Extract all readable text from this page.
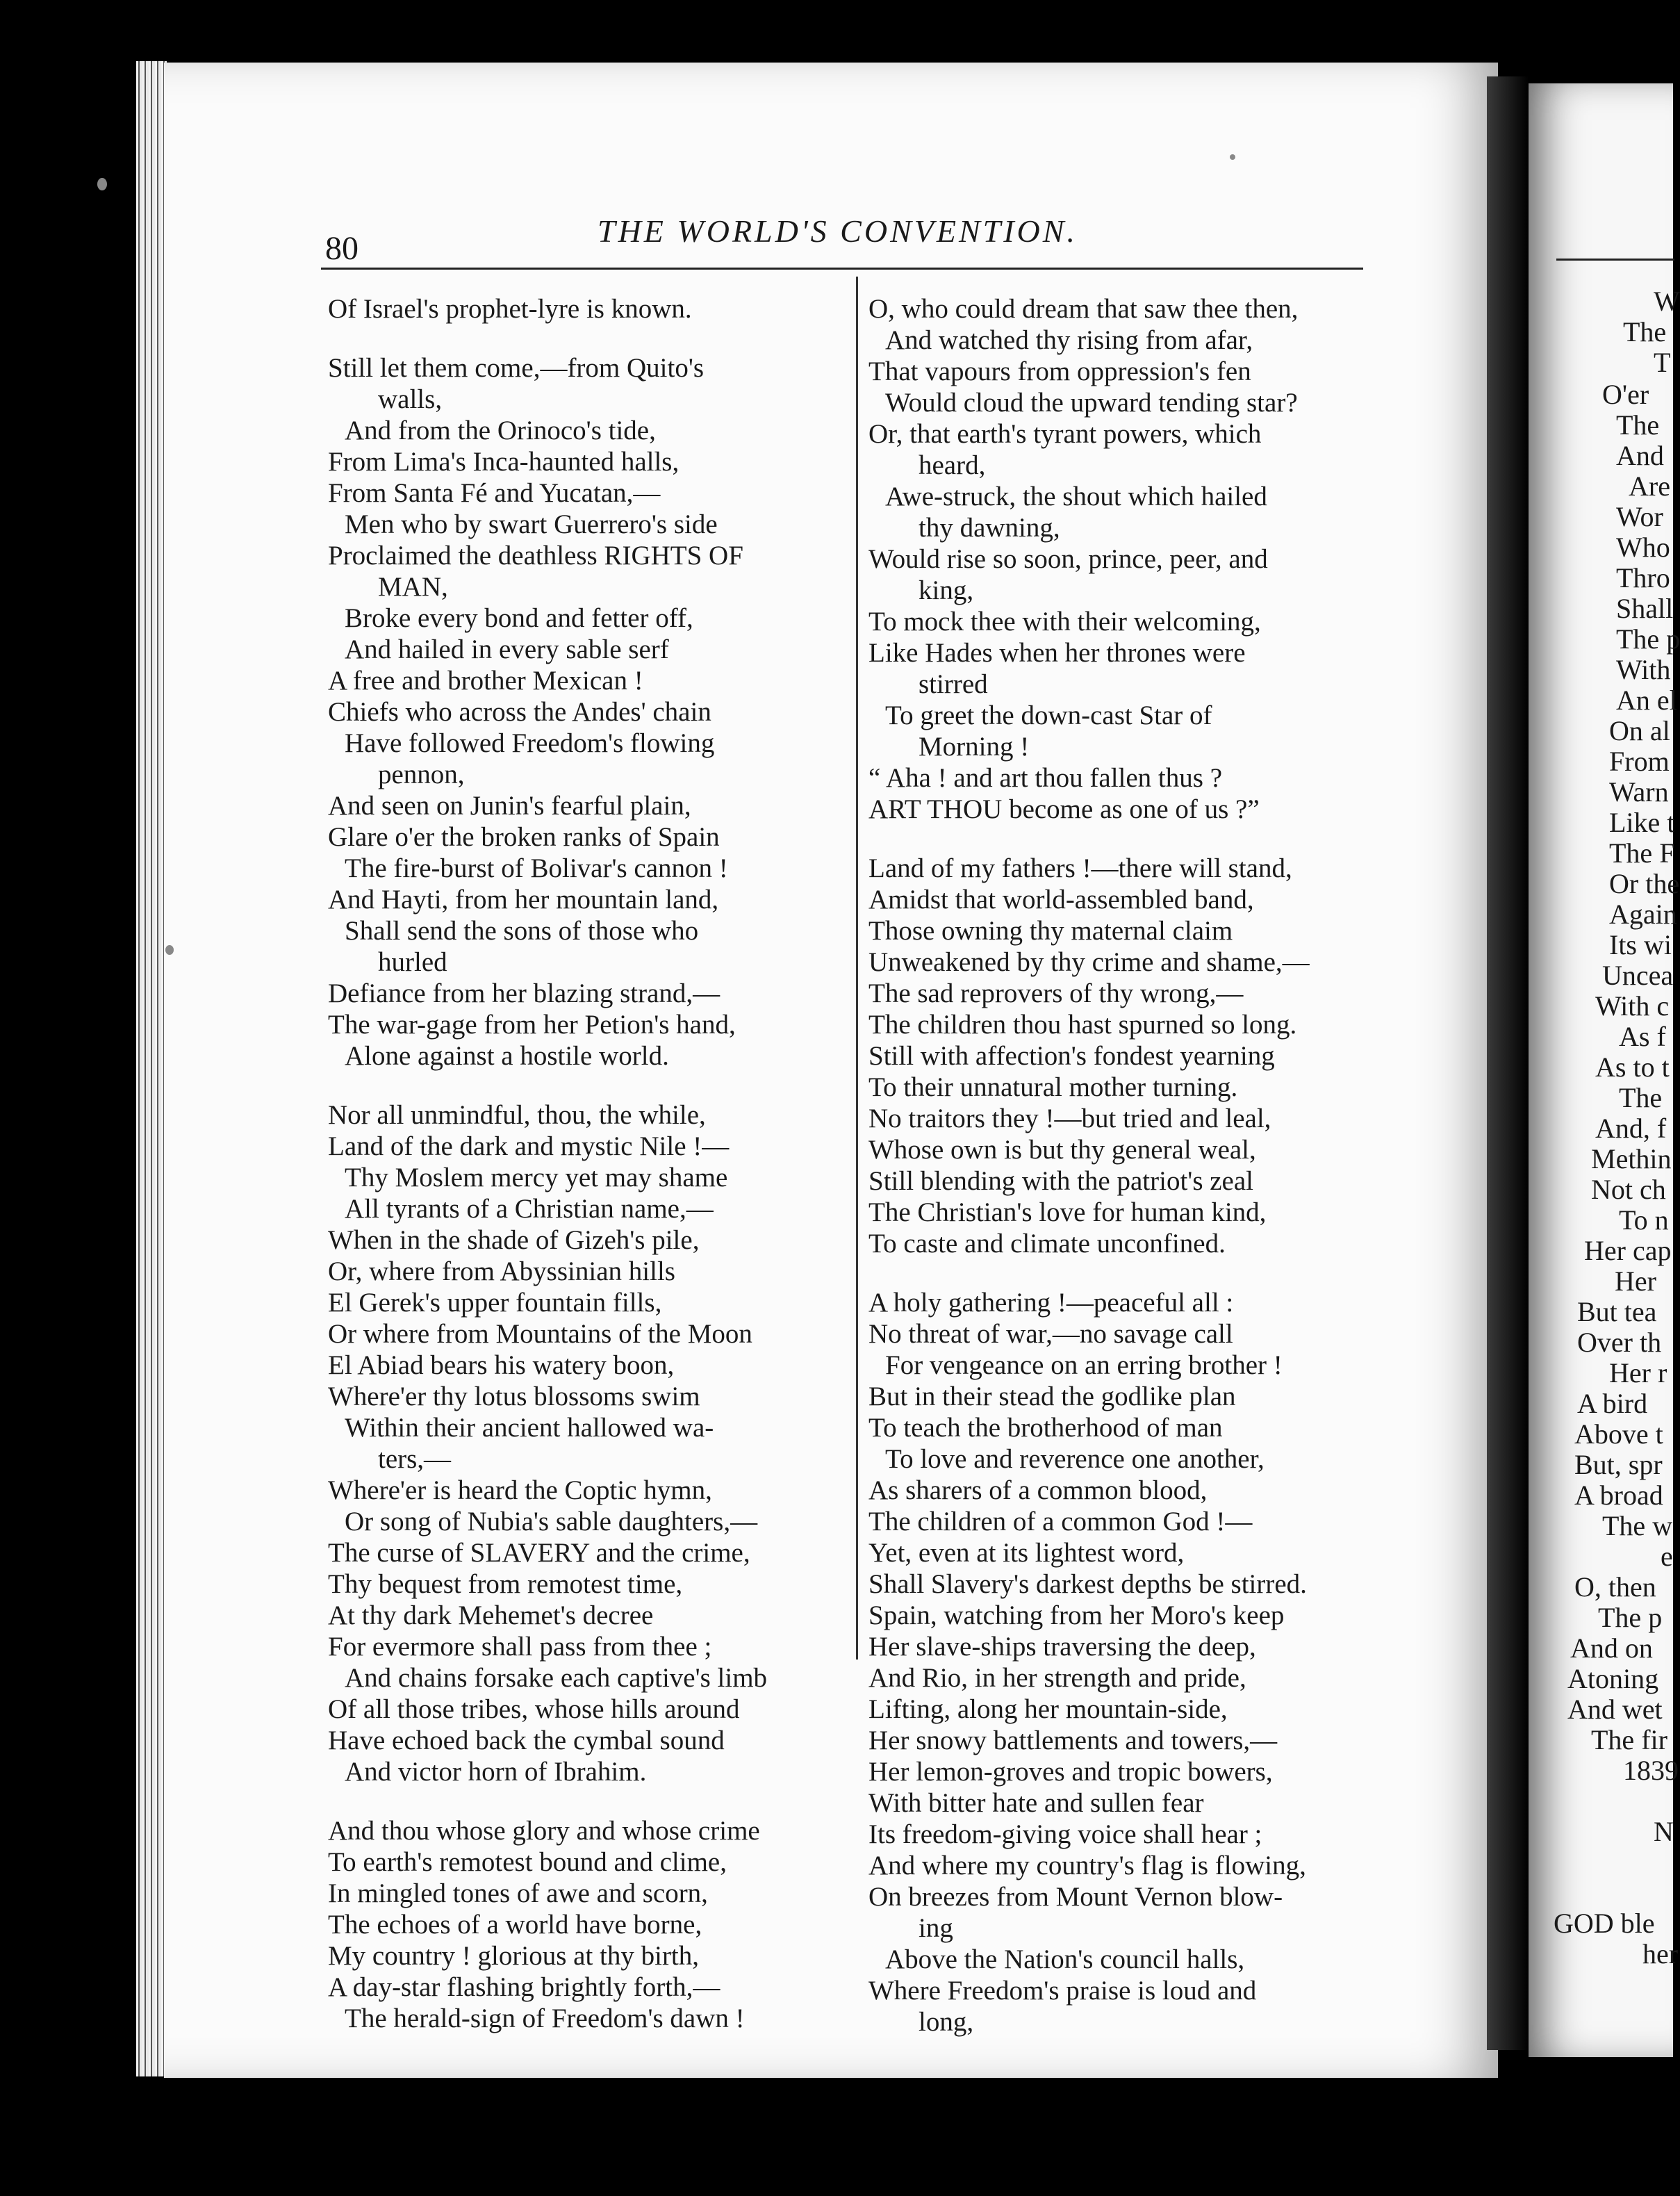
W
The
T
O'er
The
And
Are
Wor
Who
Thro
Shall
The p
With
An el
On al
From
Warn
Like t
The F
Or the
Again
Its wi
Uncea
With c
As f
As to t
The
And, f
Methin
Not ch
To n
Her cap
Her
But tea
Over th
Her r
A bird
Above t
But, spr
A broad
The w
e
O, then
The p
And on
Atoning
And wet
The fir
1839
N
GOD ble
her
80	THE WORLD'S CONVENTION.
Of Israel's prophet-lyre is known.
Still let them come,—from Quito's
walls,
And from the Orinoco's tide,
From Lima's Inca-haunted halls,
From Santa Fé and Yucatan,—
Men who by swart Guerrero's side
Proclaimed the deathless RIGHTS OF
MAN,
Broke every bond and fetter off,
And hailed in every sable serf
A free and brother Mexican !
Chiefs who across the Andes' chain
Have followed Freedom's flowing
pennon,
And seen on Junin's fearful plain,
Glare o'er the broken ranks of Spain
The fire-burst of Bolivar's cannon !
And Hayti, from her mountain land,
Shall send the sons of those who
hurled
Defiance from her blazing strand,—
The war-gage from her Petion's hand,
Alone against a hostile world.
Nor all unmindful, thou, the while,
Land of the dark and mystic Nile !—
Thy Moslem mercy yet may shame
All tyrants of a Christian name,—
When in the shade of Gizeh's pile,
Or, where from Abyssinian hills
El Gerek's upper fountain fills,
Or where from Mountains of the Moon
El Abiad bears his watery boon,
Where'er thy lotus blossoms swim
Within their ancient hallowed wa-
ters,—
Where'er is heard the Coptic hymn,
Or song of Nubia's sable daughters,—
The curse of SLAVERY and the crime,
Thy bequest from remotest time,
At thy dark Mehemet's decree
For evermore shall pass from thee ;
And chains forsake each captive's limb
Of all those tribes, whose hills around
Have echoed back the cymbal sound
And victor horn of Ibrahim.
And thou whose glory and whose crime
To earth's remotest bound and clime,
In mingled tones of awe and scorn,
The echoes of a world have borne,
My country ! glorious at thy birth,
A day-star flashing brightly forth,—
The herald-sign of Freedom's dawn !
O, who could dream that saw thee then,
And watched thy rising from afar,
That vapours from oppression's fen
Would cloud the upward tending star?
Or, that earth's tyrant powers, which
heard,
Awe-struck, the shout which hailed
thy dawning,
Would rise so soon, prince, peer, and
king,
To mock thee with their welcoming,
Like Hades when her thrones were
stirred
To greet the down-cast Star of
Morning !
“ Aha ! and art thou fallen thus ?
ART THOU become as one of us ?”
Land of my fathers !—there will stand,
Amidst that world-assembled band,
Those owning thy maternal claim
Unweakened by thy crime and shame,—
The sad reprovers of thy wrong,—
The children thou hast spurned so long.
Still with affection's fondest yearning
To their unnatural mother turning.
No traitors they !—but tried and leal,
Whose own is but thy general weal,
Still blending with the patriot's zeal
The Christian's love for human kind,
To caste and climate unconfined.
A holy gathering !—peaceful all :
No threat of war,—no savage call
For vengeance on an erring brother !
But in their stead the godlike plan
To teach the brotherhood of man
To love and reverence one another,
As sharers of a common blood,
The children of a common God !—
Yet, even at its lightest word,
Shall Slavery's darkest depths be stirred.
Spain, watching from her Moro's keep
Her slave-ships traversing the deep,
And Rio, in her strength and pride,
Lifting, along her mountain-side,
Her snowy battlements and towers,—
Her lemon-groves and tropic bowers,
With bitter hate and sullen fear
Its freedom-giving voice shall hear ;
And where my country's flag is flowing,
On breezes from Mount Vernon blow-
ing
Above the Nation's council halls,
Where Freedom's praise is loud and
long,
